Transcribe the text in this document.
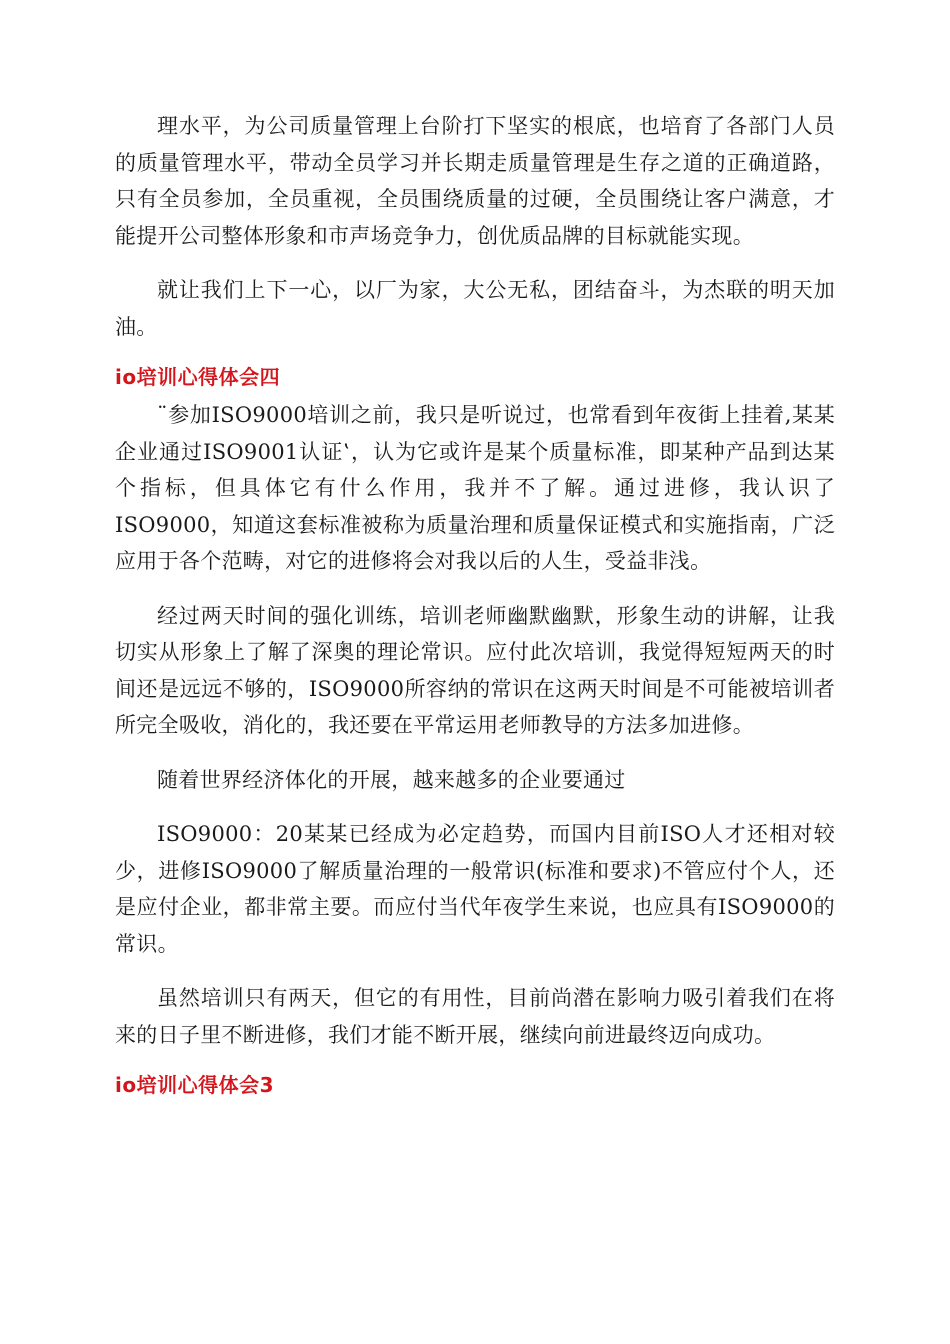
理水平，为公司质量管理上台阶打下坚实的根底，也培育了各部门人员的质量管理水平，带动全员学习并长期走质量管理是生存之道的正确道路，只有全员参加，全员重视，全员围绕质量的过硬，全员围绕让客户满意，才能提开公司整体形象和市声场竞争力，创优质品牌的目标就能实现。

就让我们上下一心，以厂为家，大公无私，团结奋斗，为杰联的明天加油。

io培训心得体会四

¨参加ISO9000培训之前，我只是听说过，也常看到年夜街上挂着‚某某企业通过ISO9001认证‛，认为它或许是某个质量标准，即某种产品到达某个指标，但具体它有什么作用，我并不了解。通过进修，我认识了ISO9000，知道这套标准被称为质量治理和质量保证模式和实施指南，广泛应用于各个范畴，对它的进修将会对我以后的人生，受益非浅。

经过两天时间的强化训练，培训老师幽默幽默，形象生动的讲解，让我切实从形象上了解了深奥的理论常识。应付此次培训，我觉得短短两天的时间还是远远不够的，ISO9000所容纳的常识在这两天时间是不可能被培训者所完全吸收，消化的，我还要在平常运用老师教导的方法多加进修。

随着世界经济体化的开展，越来越多的企业要通过

ISO9000：20某某已经成为必定趋势，而国内目前ISO人才还相对较少，进修ISO9000了解质量治理的一般常识(标准和要求)不管应付个人，还是应付企业，都非常主要。而应付当代年夜学生来说，也应具有ISO9000的常识。

虽然培训只有两天，但它的有用性，目前尚潜在影响力吸引着我们在将来的日子里不断进修，我们才能不断开展，继续向前进最终迈向成功。

io培训心得体会3
